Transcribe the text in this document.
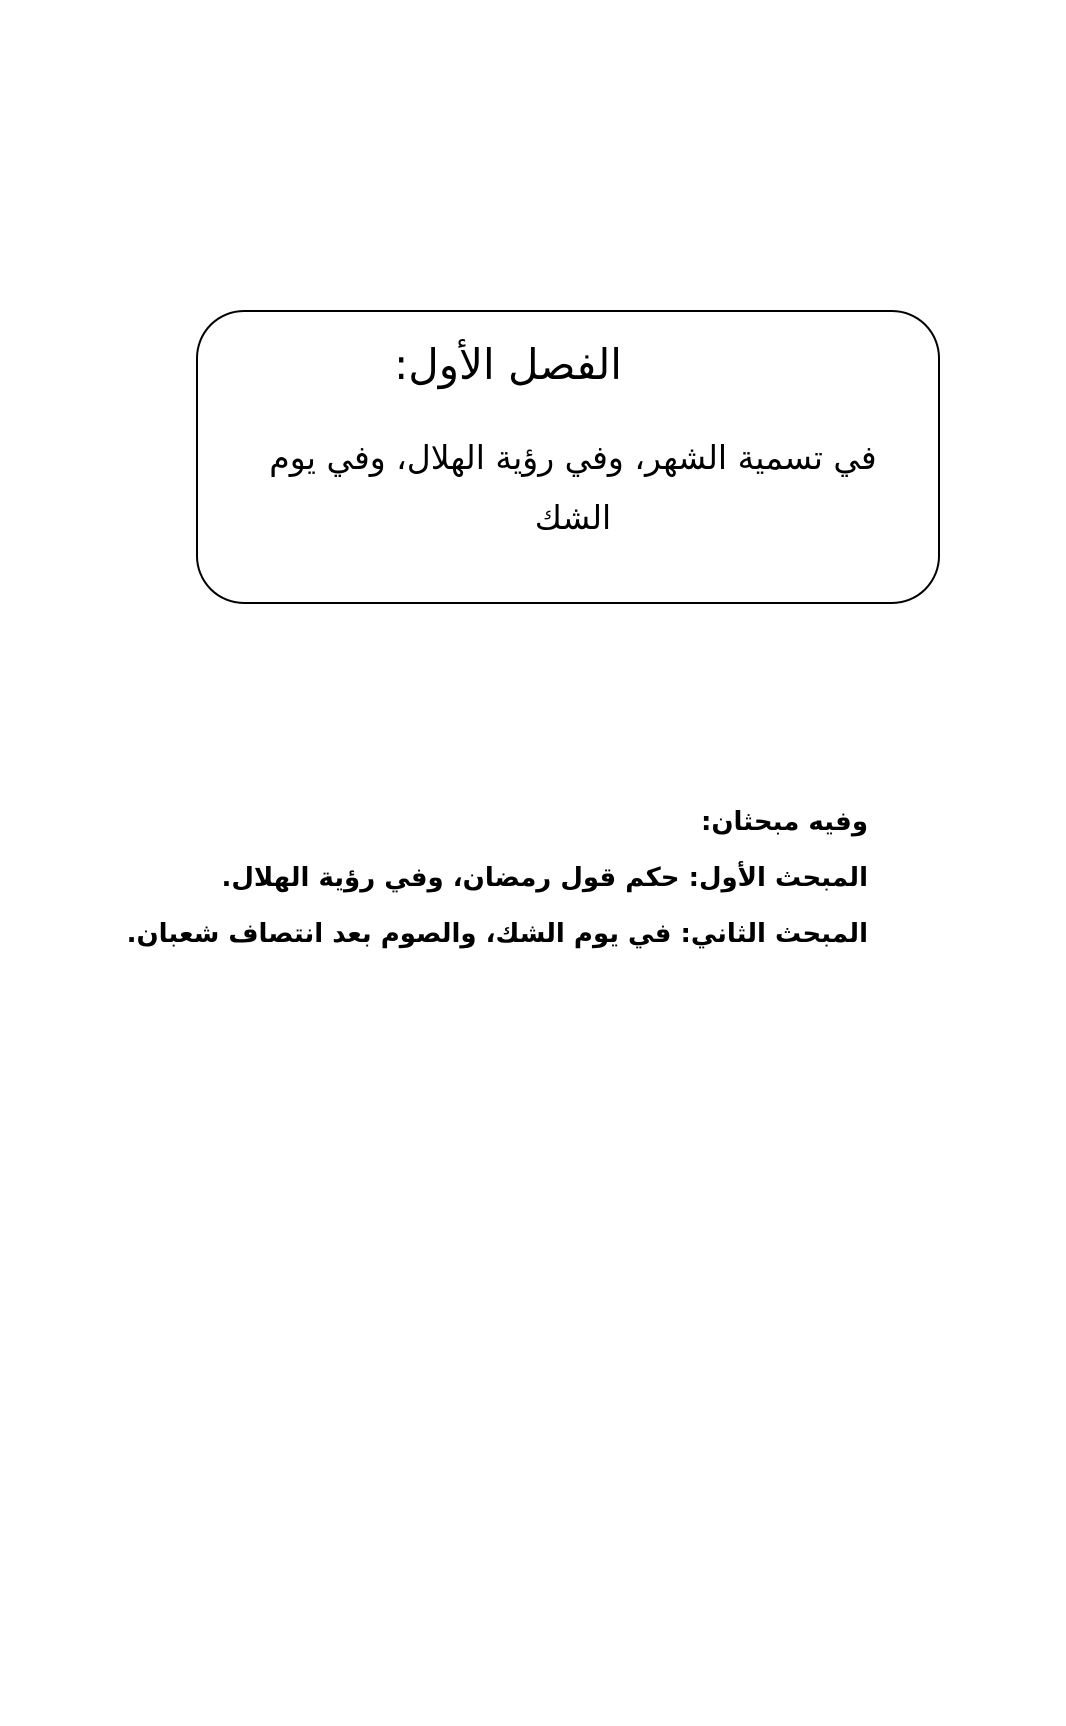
الفصل الأول:
في تسمية الشهر، وفي رؤية الهلال، وفي يوم الشك
وفيه مبحثان:
المبحث الأول: حكم قول رمضان، وفي رؤية الهلال.
المبحث الثاني: في يوم الشك، والصوم بعد انتصاف شعبان.
